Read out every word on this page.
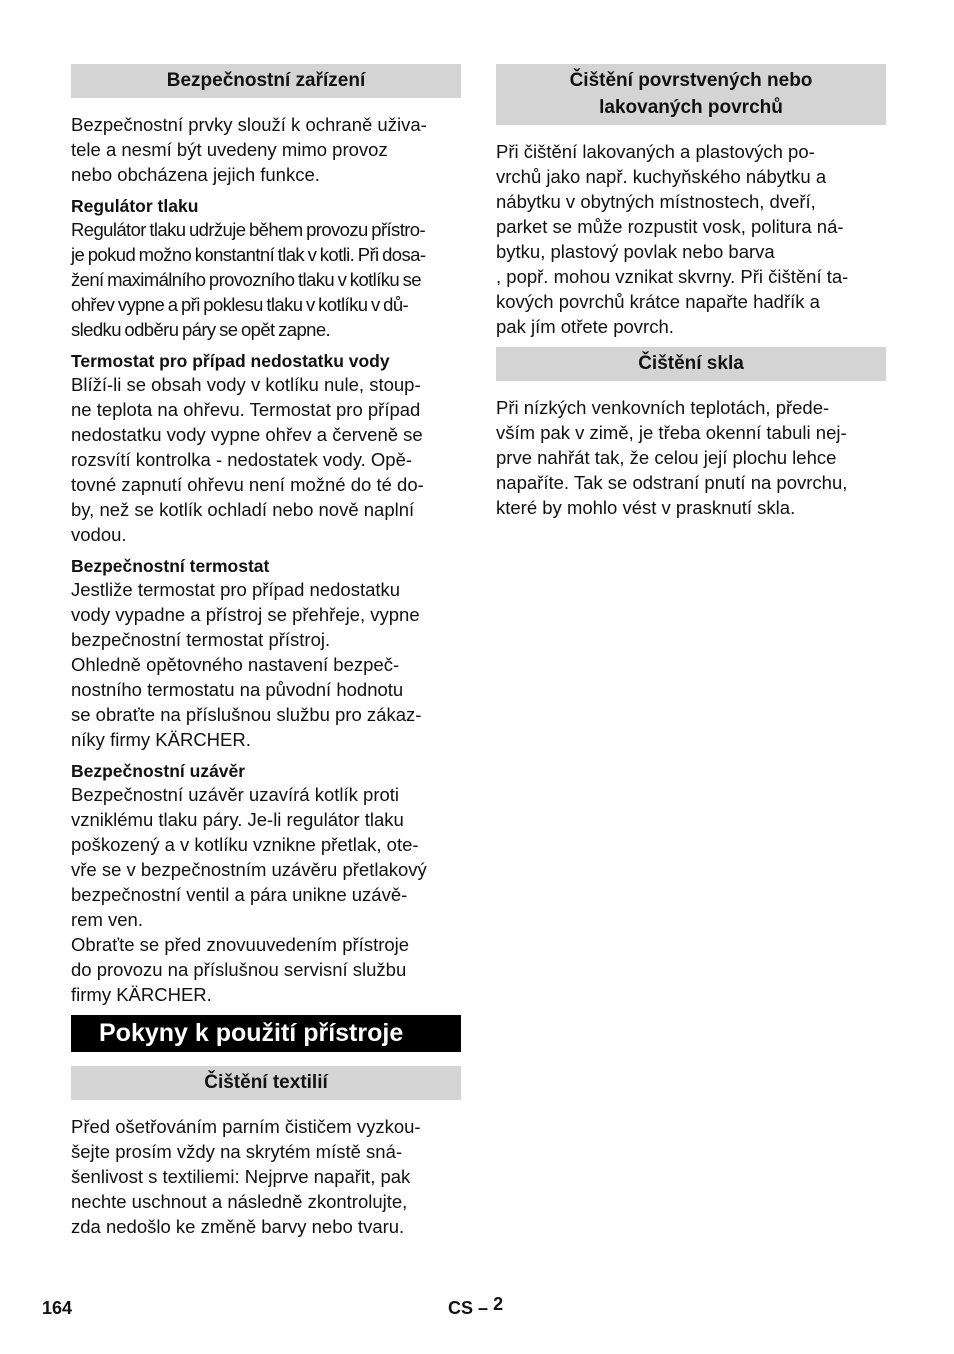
Bezpečnostní zařízení

Bezpečnostní prvky slouží k ochraně uživa-
tele a nesmí být uvedeny mimo provoz
nebo obcházena jejich funkce.

Regulátor tlaku

Regulátor tlaku udržuje během provozu přístro-
je pokud možno konstantní tlak v kotli. Při dosa-
žení maximálního provozního tlaku v kotlíku se
ohřev vypne a při poklesu tlaku v kotlíku v dů-
sledku odběru páry se opět zapne.

Termostat pro případ nedostatku vody

Blíží-li se obsah vody v kotlíku nule, stoup-
ne teplota na ohřevu. Termostat pro případ
nedostatku vody vypne ohřev a červeně se
rozsvítí kontrolka - nedostatek vody. Opě-
tovné zapnutí ohřevu není možné do té do-
by, než se kotlík ochladí nebo nově naplní
vodou.

Bezpečnostní termostat

Jestliže termostat pro případ nedostatku
vody vypadne a přístroj se přehřeje, vypne
bezpečnostní termostat přístroj.
Ohledně opětovného nastavení bezpeč-
nostního termostatu na původní hodnotu
se obraťte na příslušnou službu pro zákaz-
níky firmy KÄRCHER.

Bezpečnostní uzávěr

Bezpečnostní uzávěr uzavírá kotlík proti
vzniklému tlaku páry. Je-li regulátor tlaku
poškozený a v kotlíku vznikne přetlak, ote-
vře se v bezpečnostním uzávěru přetlakový
bezpečnostní ventil a pára unikne uzávě-
rem ven.
Obraťte se před znovuuvedením přístroje
do provozu na příslušnou servisní službu
firmy KÄRCHER.

Pokyny k použití přístroje
Čištění textilií

Před ošetřováním parním čističem vyzkou-
šejte prosím vždy na skrytém místě sná-
šenlivost s textiliemi: Nejprve napařit, pak
nechte uschnout a následně zkontrolujte,
zda nedošlo ke změně barvy nebo tvaru.

Čištění povrstvených nebo
lakovaných povrchů

Při čištění lakovaných a plastových po-
vrchů jako např. kuchyňského nábytku a
nábytku v obytných místnostech, dveří,
parket se může rozpustit vosk, politura ná-
bytku, plastový povlak nebo barva
, popř. mohou vznikat skvrny. Při čištění ta-
kových povrchů krátce napařte hadřík a
pak jím otřete povrch.

Čištění skla

Při nízkých venkovních teplotách, přede-
vším pak v zimě, je třeba okenní tabuli nej-
prve nahřát tak, že celou její plochu lehce
napaříte. Tak se odstraní pnutí na povrchu,
které by mohlo vést v prasknutí skla.

164	CS – 2
